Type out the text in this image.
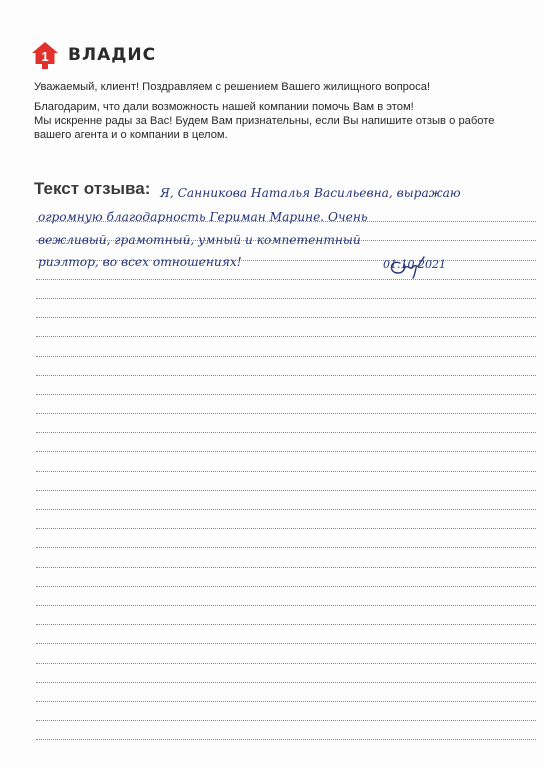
1 ВЛАДИС

Уважаемый, клиент! Поздравляем с решением Вашего жилищного вопроса!

Благодарим, что дали возможность нашей компании помочь Вам в этом!

Мы искренне рады за Вас! Будем Вам признательны, если Вы напишите отзыв о работе вашего агента и о компании в целом.

Текст отзыва: Я, Санникова Наталья Васильевна, выражаю
огромную благодарность Гериман Марине. Очень
вежливый, грамотный, умный и компетентный
риэлтор, во всех отношениях!	01.10.2021
